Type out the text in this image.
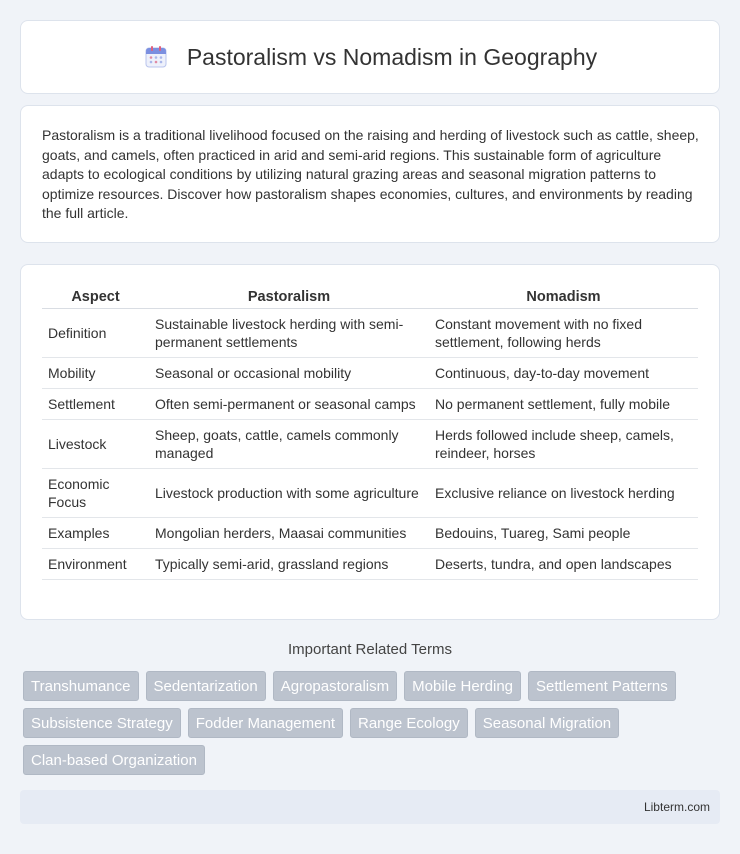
Pastoralism vs Nomadism in Geography

Pastoralism is a traditional livelihood focused on the raising and herding of livestock such as cattle, sheep, goats, and camels, often practiced in arid and semi-arid regions. This sustainable form of agriculture adapts to ecological conditions by utilizing natural grazing areas and seasonal migration patterns to optimize resources. Discover how pastoralism shapes economies, cultures, and environments by reading the full article.

Aspect	Pastoralism	Nomadism
Definition	Sustainable livestock herding with semi-permanent settlements	Constant movement with no fixed settlement, following herds
Mobility	Seasonal or occasional mobility	Continuous, day-to-day movement
Settlement	Often semi-permanent or seasonal camps	No permanent settlement, fully mobile
Livestock	Sheep, goats, cattle, camels commonly managed	Herds followed include sheep, camels, reindeer, horses
Economic Focus	Livestock production with some agriculture	Exclusive reliance on livestock herding
Examples	Mongolian herders, Maasai communities	Bedouins, Tuareg, Sami people
Environment	Typically semi-arid, grassland regions	Deserts, tundra, and open landscapes
Important Related Terms
Transhumance	Sedentarization	Agropastoralism	Mobile Herding	Settlement Patterns
Subsistence Strategy	Fodder Management	Range Ecology	Seasonal Migration
Clan-based Organization
Libterm.com
